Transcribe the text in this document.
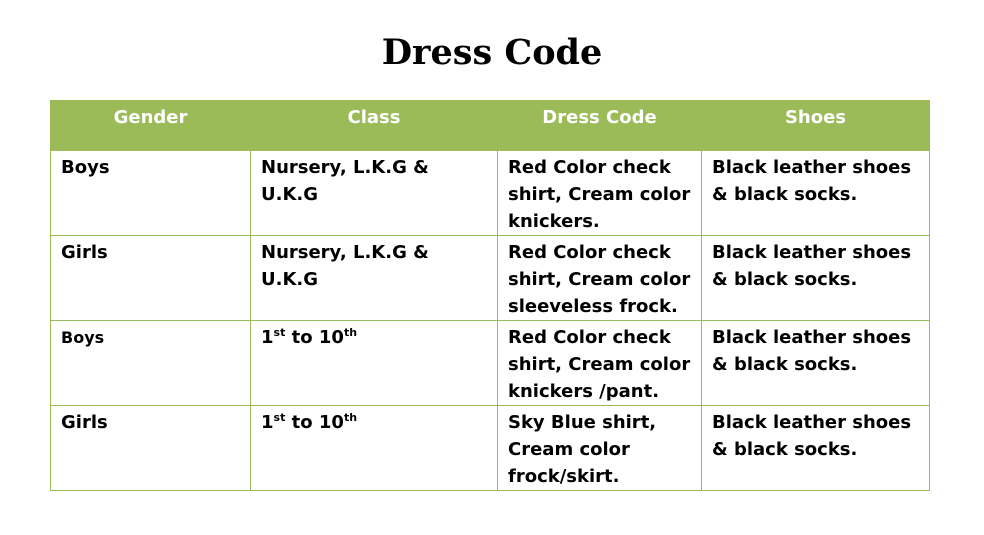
Dress Code
Gender	Class	Dress Code	Shoes
Boys	Nursery, L.K.G & U.K.G	Red Color check shirt, Cream color knickers.	Black leather shoes & black socks.
Girls	Nursery, L.K.G & U.K.G	Red Color check shirt, Cream color sleeveless frock.	Black leather shoes & black socks.
Boys	1st to 10th	Red Color check shirt, Cream color knickers /pant.	Black leather shoes & black socks.
Girls	1st to 10th	Sky Blue shirt, Cream color frock/skirt.	Black leather shoes & black socks.
